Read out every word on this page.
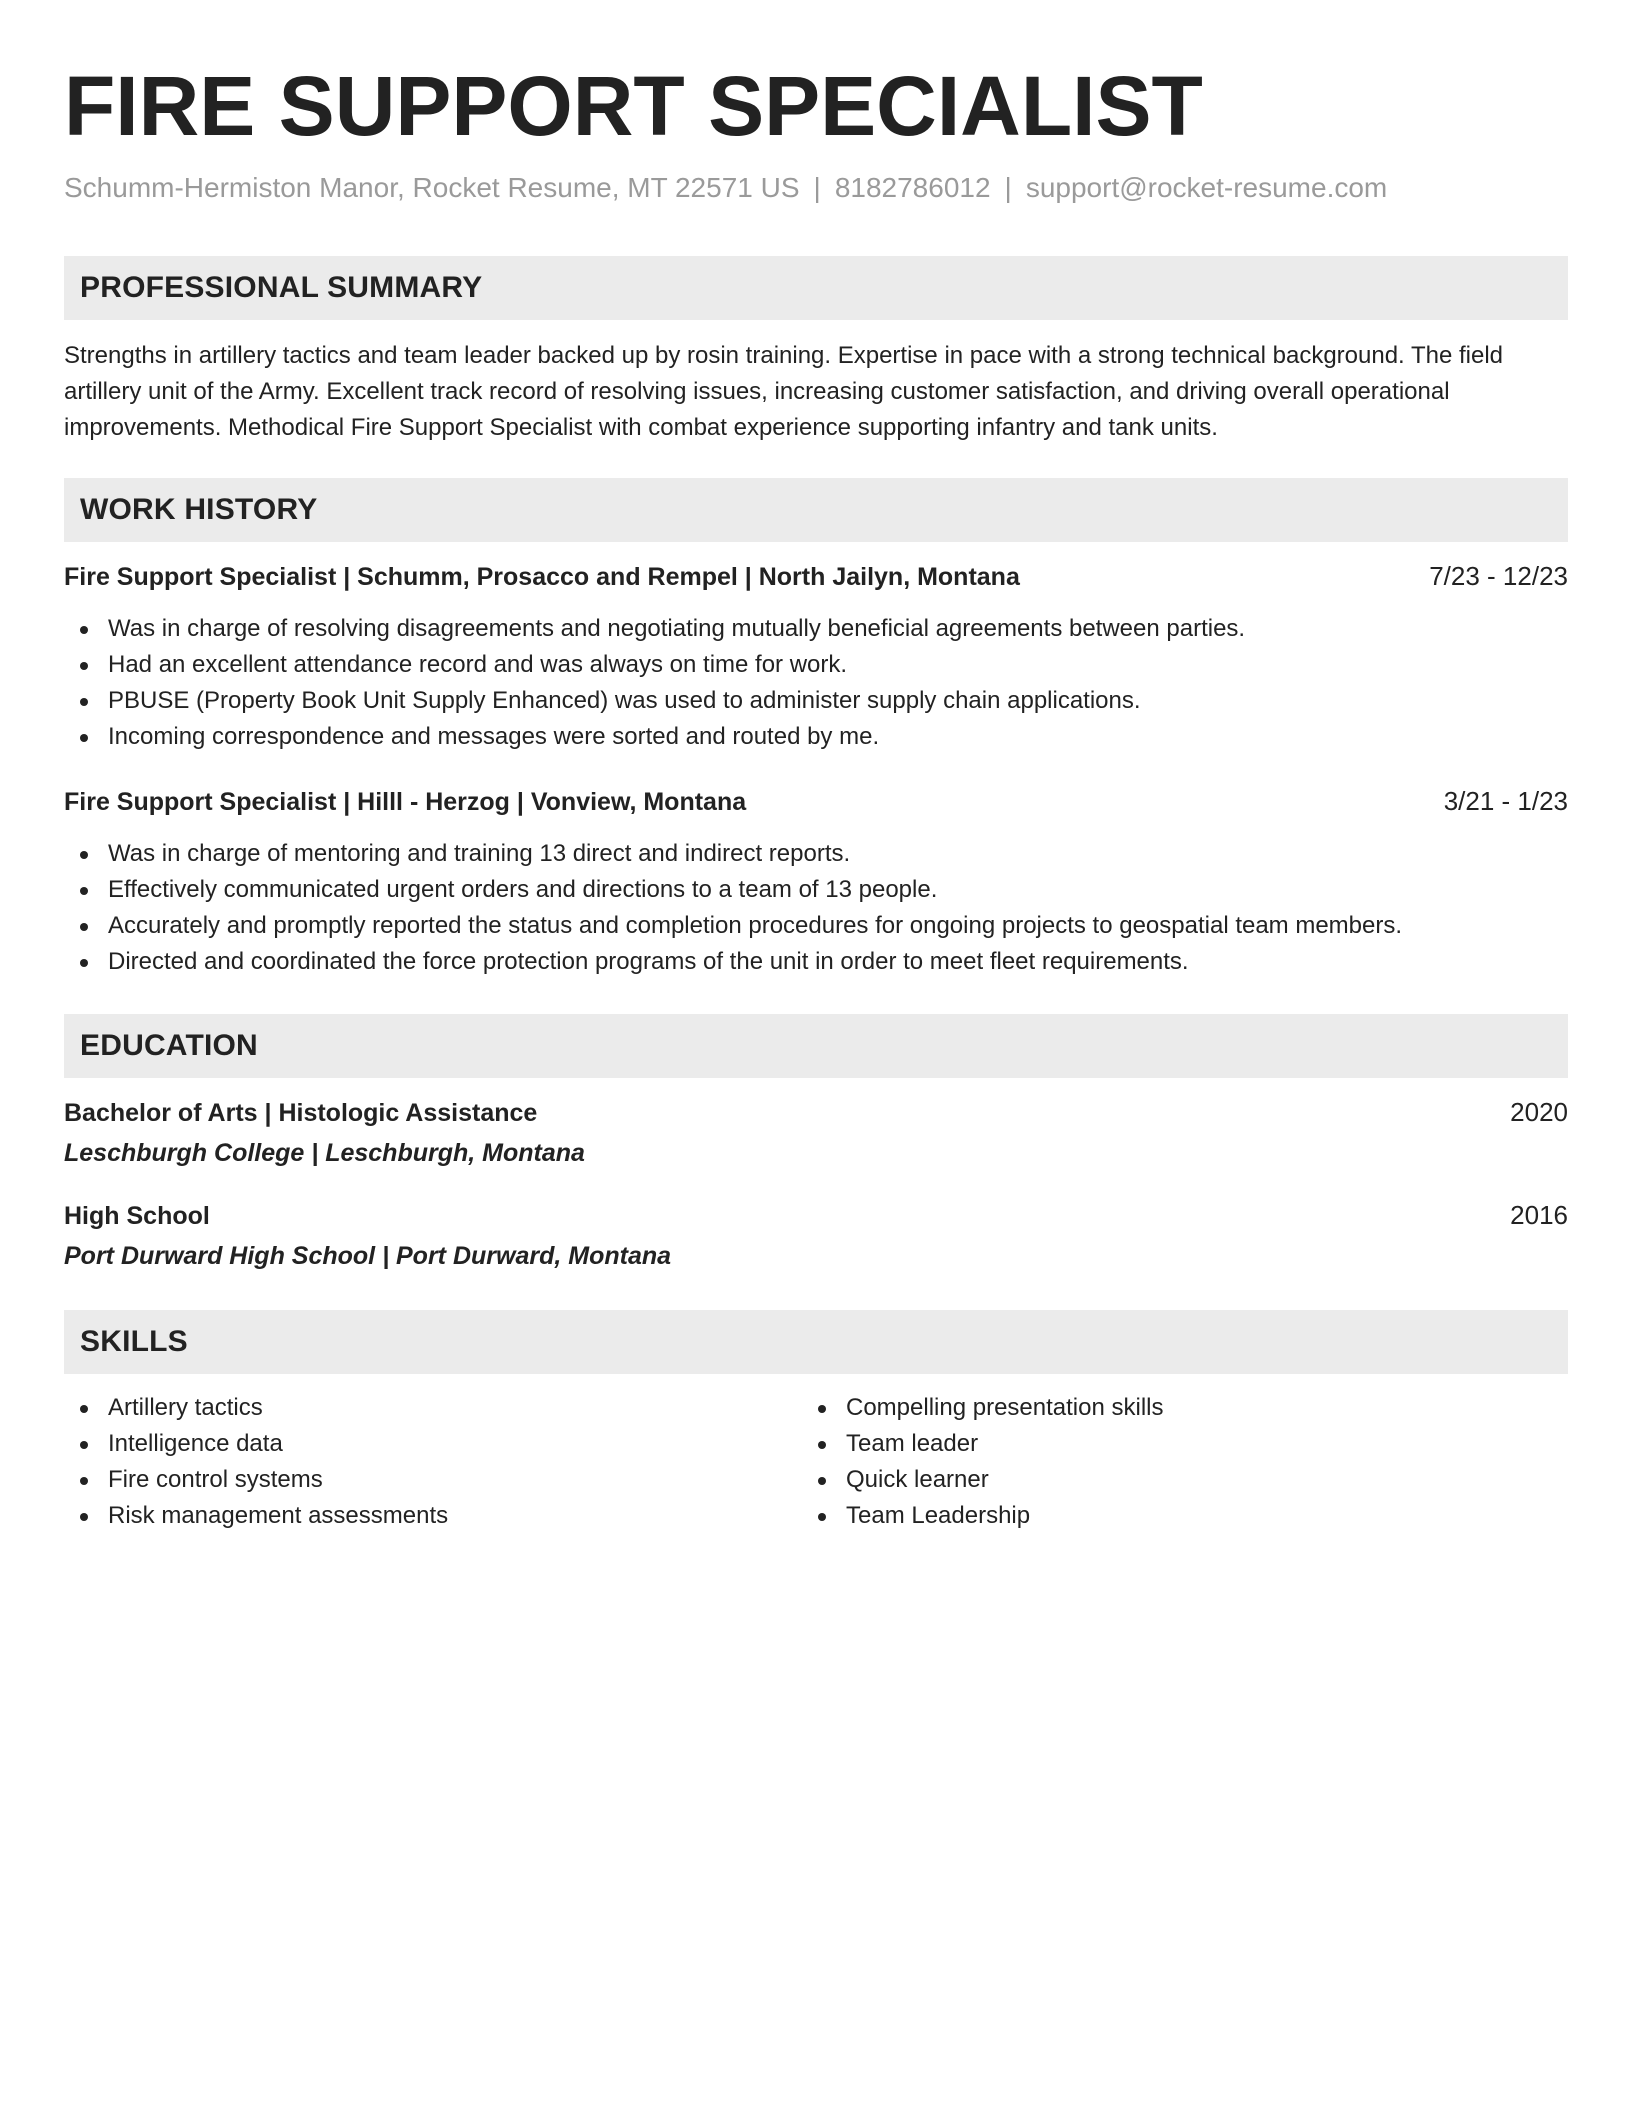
FIRE SUPPORT SPECIALIST
Schumm-Hermiston Manor, Rocket Resume, MT 22571 US | 8182786012 | support@rocket-resume.com
PROFESSIONAL SUMMARY
Strengths in artillery tactics and team leader backed up by rosin training. Expertise in pace with a strong technical background. The field artillery unit of the Army. Excellent track record of resolving issues, increasing customer satisfaction, and driving overall operational improvements. Methodical Fire Support Specialist with combat experience supporting infantry and tank units.
WORK HISTORY
Fire Support Specialist | Schumm, Prosacco and Rempel | North Jailyn, Montana	7/23 - 12/23
Was in charge of resolving disagreements and negotiating mutually beneficial agreements between parties.
Had an excellent attendance record and was always on time for work.
PBUSE (Property Book Unit Supply Enhanced) was used to administer supply chain applications.
Incoming correspondence and messages were sorted and routed by me.
Fire Support Specialist | Hilll - Herzog | Vonview, Montana	3/21 - 1/23
Was in charge of mentoring and training 13 direct and indirect reports.
Effectively communicated urgent orders and directions to a team of 13 people.
Accurately and promptly reported the status and completion procedures for ongoing projects to geospatial team members.
Directed and coordinated the force protection programs of the unit in order to meet fleet requirements.
EDUCATION
Bachelor of Arts | Histologic Assistance	2020
Leschburgh College | Leschburgh, Montana
High School	2016
Port Durward High School | Port Durward, Montana
SKILLS
Artillery tactics
Intelligence data
Fire control systems
Risk management assessments
Compelling presentation skills
Team leader
Quick learner
Team Leadership
